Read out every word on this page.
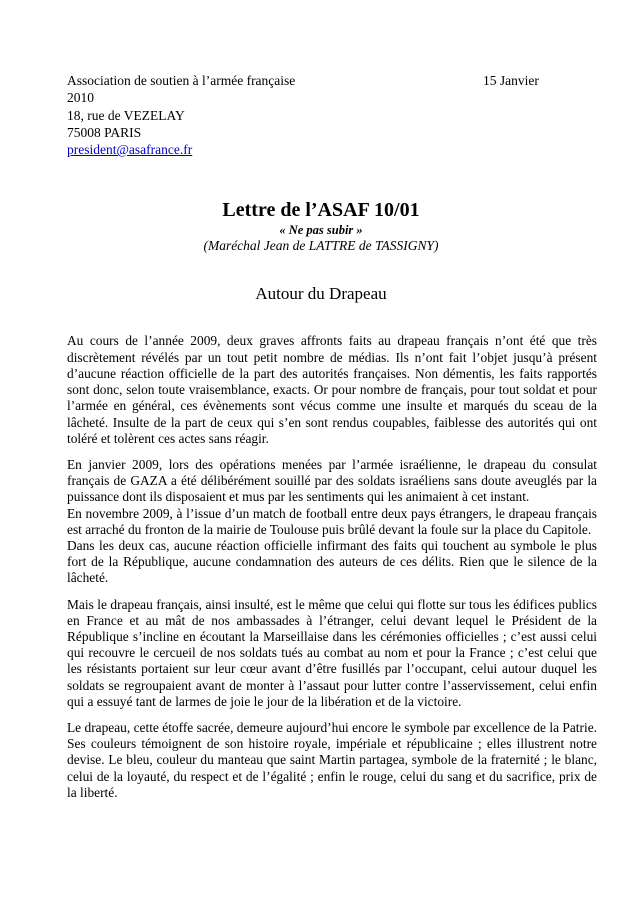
Association de soutien à l’armée française	15 Janvier
2010
18, rue de VEZELAY
75008 PARIS
president@asafrance.fr
Lettre de l’ASAF 10/01
« Ne pas subir »
(Maréchal Jean de LATTRE de TASSIGNY)
Autour du Drapeau

Au cours de l’année 2009, deux graves affronts faits au drapeau français n’ont été que très discrètement révélés par un tout petit nombre de médias. Ils n’ont fait l’objet jusqu’à présent d’aucune réaction officielle de la part des autorités françaises. Non démentis, les faits rapportés sont donc, selon toute vraisemblance, exacts. Or pour nombre de français, pour tout soldat et pour l’armée en général, ces évènements sont vécus comme une insulte et marqués du sceau de la lâcheté. Insulte de la part de ceux qui s’en sont rendus coupables, faiblesse des autorités qui ont toléré et tolèrent ces actes sans réagir.

En janvier 2009, lors des opérations menées par l’armée israélienne, le drapeau du consulat français de GAZA a été délibérément souillé par des soldats israéliens sans doute aveuglés par la puissance dont ils disposaient et mus par les sentiments qui les animaient à cet instant.

En novembre 2009, à l’issue d’un match de football entre deux pays étrangers, le drapeau français est arraché du fronton de la mairie de Toulouse puis brûlé devant la foule sur la place du Capitole.

Dans les deux cas, aucune réaction officielle infirmant des faits qui touchent au symbole le plus fort de la République, aucune condamnation des auteurs de ces délits. Rien que le silence de la lâcheté.

Mais le drapeau français, ainsi insulté, est le même que celui qui flotte sur tous les édifices publics en France et au mât de nos ambassades à l’étranger, celui devant lequel le Président de la République s’incline en écoutant la Marseillaise dans les cérémonies officielles ; c’est aussi celui qui recouvre le cercueil de nos soldats tués au combat au nom et pour la France ; c’est celui que les résistants portaient sur leur cœur avant d’être fusillés par l’occupant, celui autour duquel les soldats se regroupaient avant de monter à l’assaut pour lutter contre l’asservissement, celui enfin qui a essuyé tant de larmes de joie le jour de la libération et de la victoire.

Le drapeau, cette étoffe sacrée, demeure aujourd’hui encore le symbole par excellence de la Patrie. Ses couleurs témoignent de son histoire royale, impériale et républicaine ; elles illustrent notre devise. Le bleu, couleur du manteau que saint Martin partagea, symbole de la fraternité ; le blanc, celui de la loyauté, du respect et de l’égalité ; enfin le rouge, celui du sang et du sacrifice, prix de la liberté.
